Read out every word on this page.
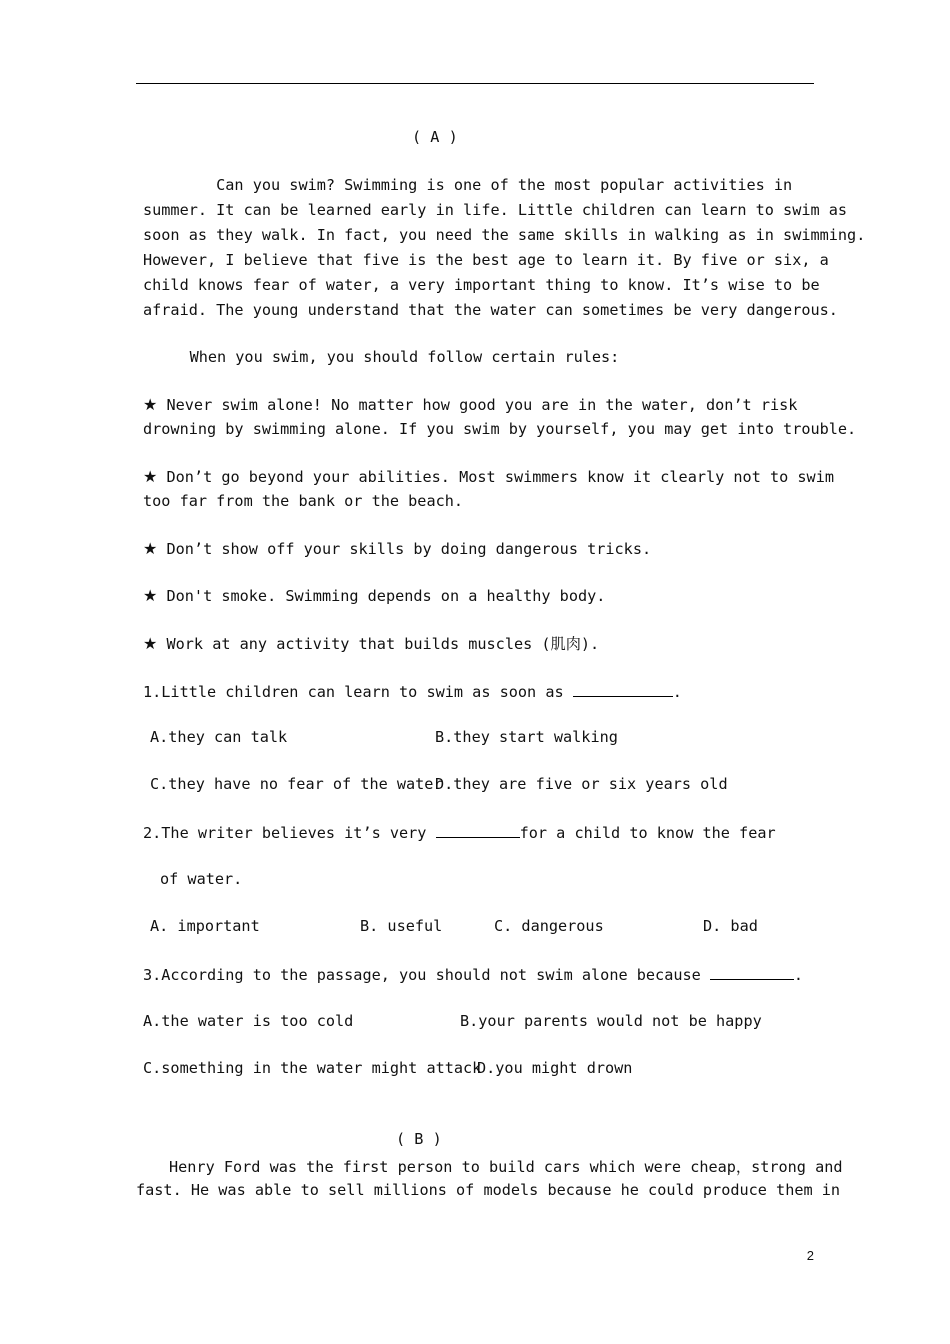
( A )
Can you swim? Swimming is one of the most popular activities in
summer. It can be learned early in life. Little children can learn to swim as
soon as they walk. In fact, you need the same skills in walking as in swimming.
However, I believe that five is the best age to learn it. By five or six, a
child knows fear of water, a very important thing to know. It’s wise to be
afraid. The young understand that the water can sometimes be very dangerous.
When you swim, you should follow certain rules:
★ Never swim alone! No matter how good you are in the water, don’t risk
drowning by swimming alone. If you swim by yourself, you may get into trouble.
★ Don’t go beyond your abilities. Most swimmers know it clearly not to swim
too far from the bank or the beach.
★ Don’t show off your skills by doing dangerous tricks.
★ Don't smoke. Swimming depends on a healthy body.
★ Work at any activity that builds muscles (肌肉).
1.Little children can learn to swim as soon as	.
A.they can talk	B.they start walking
C.they have no fear of the water
D.they are five or six years old
2.The writer believes it’s very	for a child to know the fear
of water.
A. important	B. useful	C. dangerous	D. bad
3.According to the passage, you should not swim alone because	.
A.the water is too cold	B.your parents would not be happy
C.something in the water might attack
D.you might drown
( B )
Henry Ford was the first person to build cars which were cheap，strong and
fast. He was able to sell millions of models because he could produce them in
2
